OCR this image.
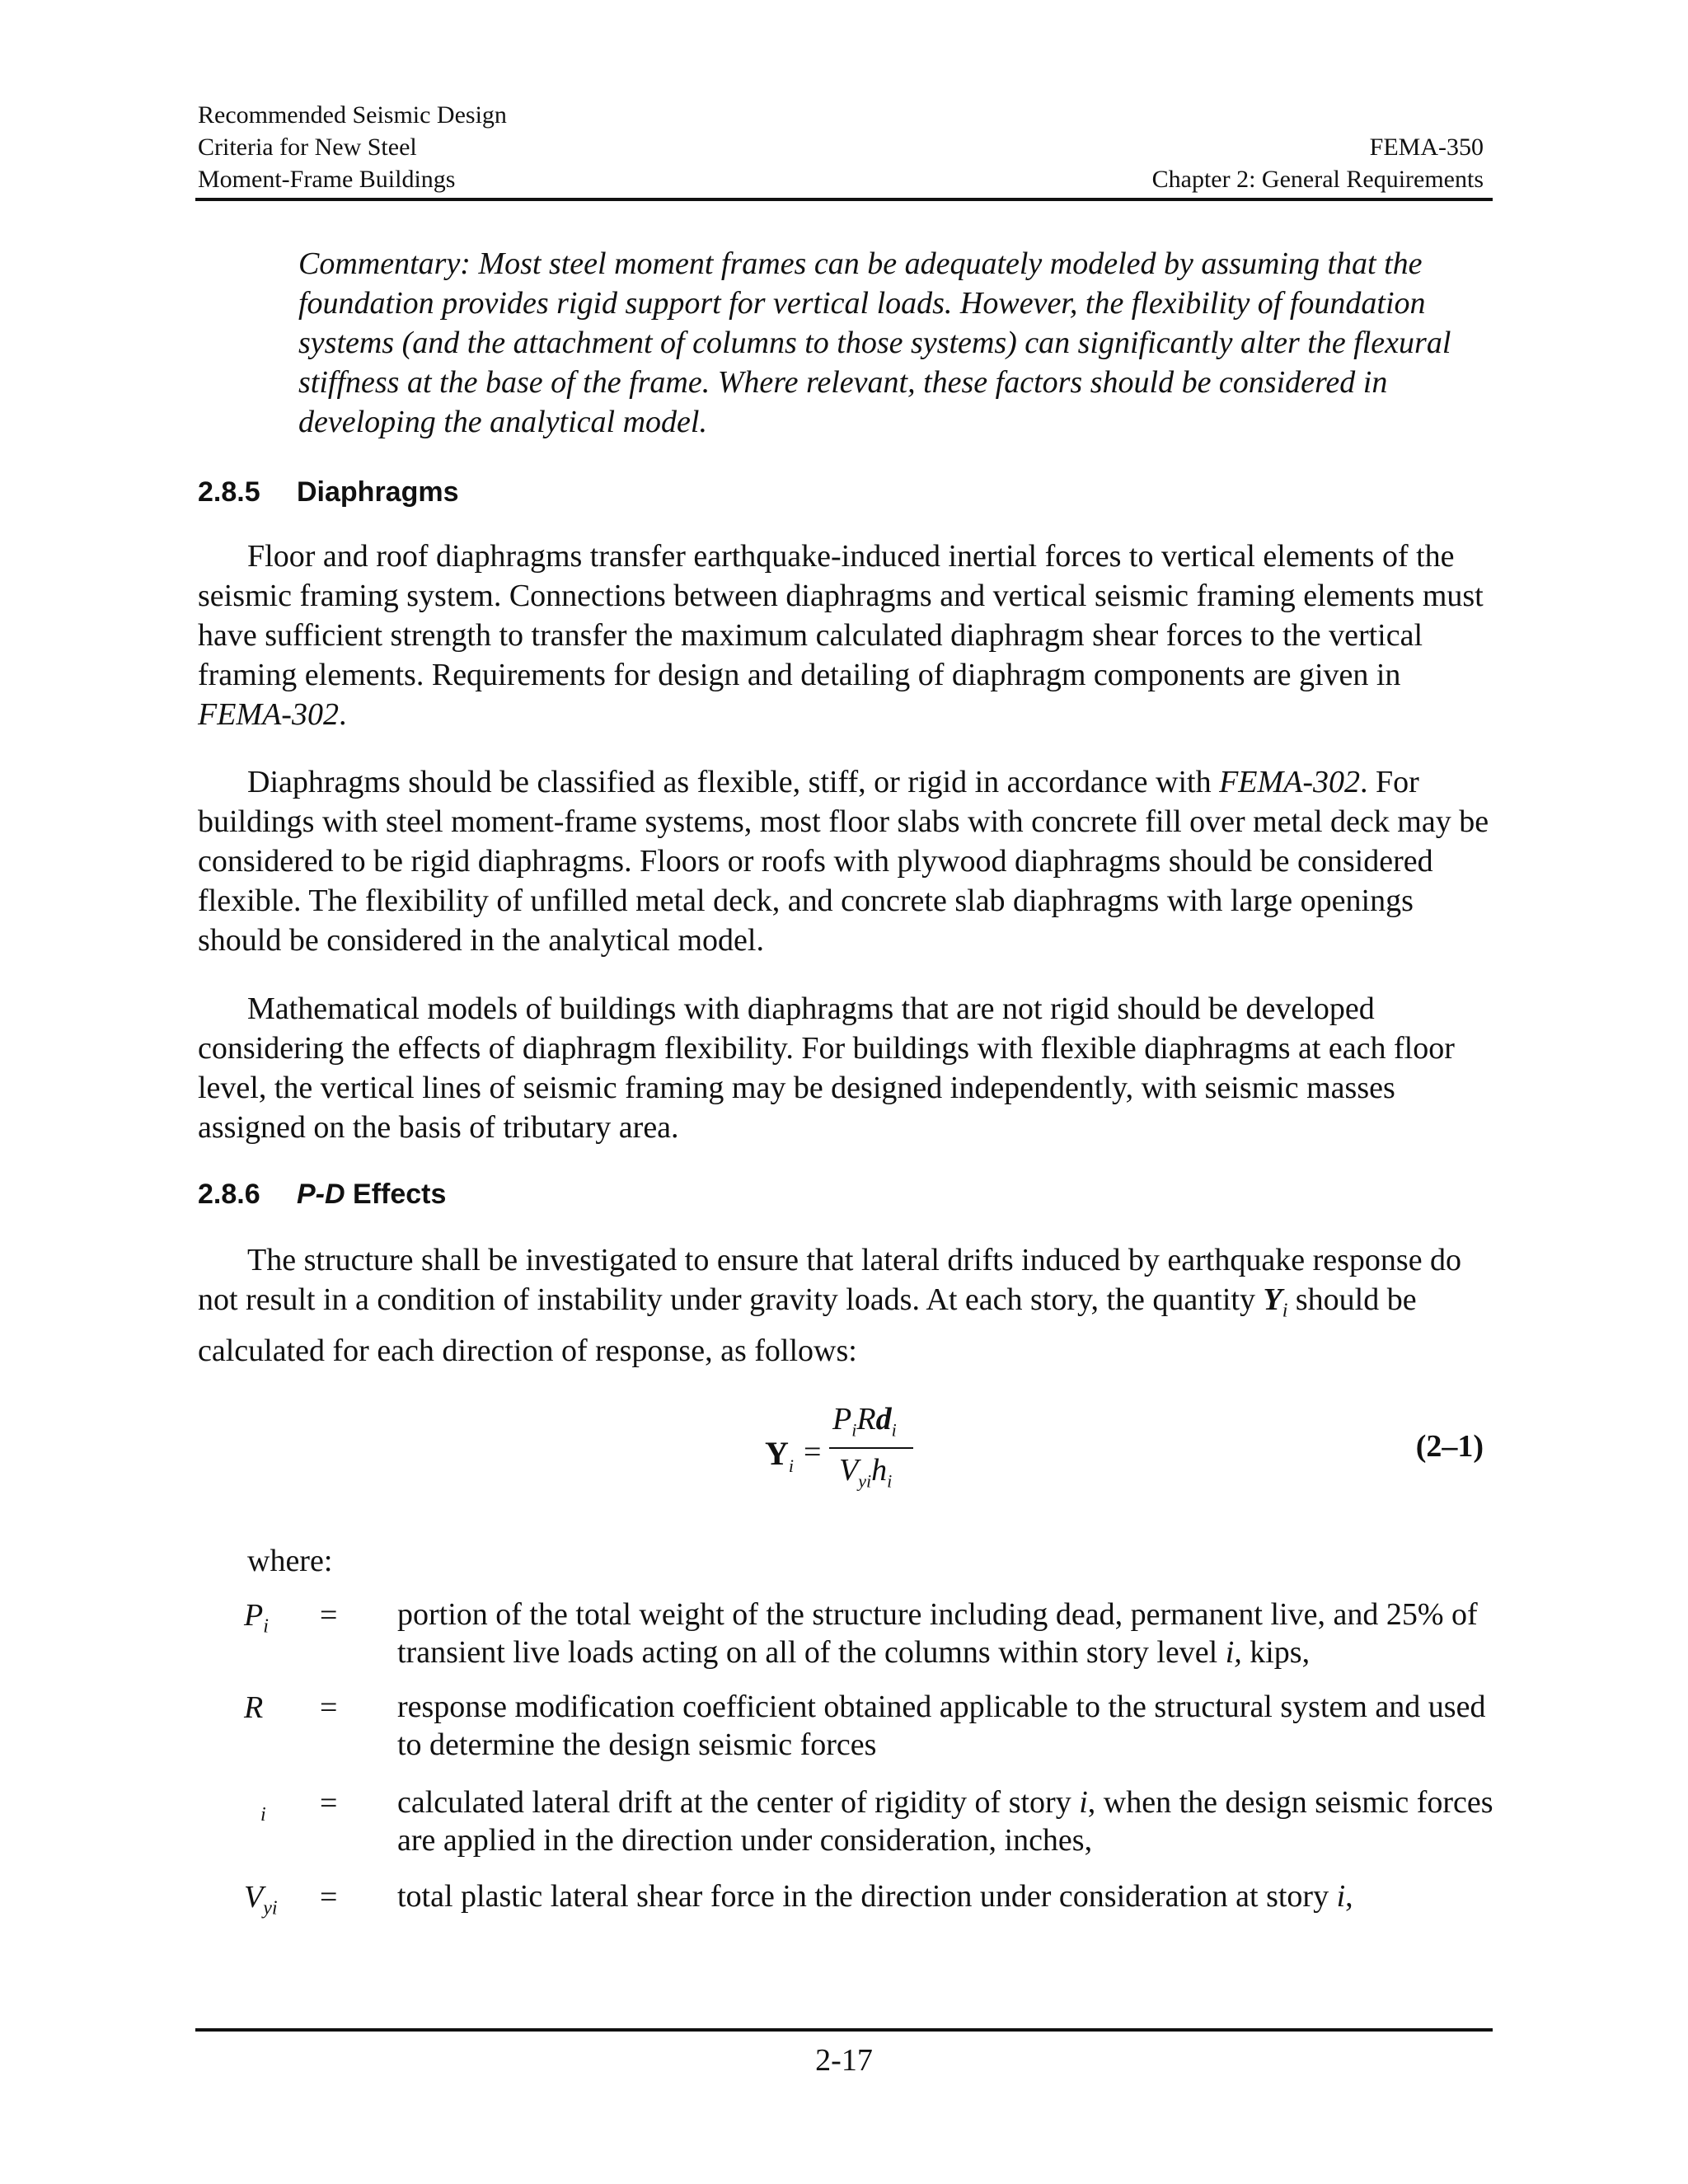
Recommended Seismic Design
Criteria for New Steel
Moment-Frame Buildings
FEMA-350
Chapter 2: General Requirements
Commentary: Most steel moment frames can be adequately modeled by assuming that the foundation provides rigid support for vertical loads. However, the flexibility of foundation systems (and the attachment of columns to those systems) can significantly alter the flexural stiffness at the base of the frame. Where relevant, these factors should be considered in developing the analytical model.
2.8.5 Diaphragms
Floor and roof diaphragms transfer earthquake-induced inertial forces to vertical elements of the seismic framing system. Connections between diaphragms and vertical seismic framing elements must have sufficient strength to transfer the maximum calculated diaphragm shear forces to the vertical framing elements. Requirements for design and detailing of diaphragm components are given in FEMA-302.
Diaphragms should be classified as flexible, stiff, or rigid in accordance with FEMA-302. For buildings with steel moment-frame systems, most floor slabs with concrete fill over metal deck may be considered to be rigid diaphragms. Floors or roofs with plywood diaphragms should be considered flexible. The flexibility of unfilled metal deck, and concrete slab diaphragms with large openings should be considered in the analytical model.
Mathematical models of buildings with diaphragms that are not rigid should be developed considering the effects of diaphragm flexibility. For buildings with flexible diaphragms at each floor level, the vertical lines of seismic framing may be designed independently, with seismic masses assigned on the basis of tributary area.
2.8.6 P-D Effects
The structure shall be investigated to ensure that lateral drifts induced by earthquake response do not result in a condition of instability under gravity loads. At each story, the quantity $Y_i$ should be calculated for each direction of response, as follows:
$Y_i$ =
$P_iRd_i$
$V_{yi}h_i$
(2–1)
where:
$P_i$ = portion of the total weight of the structure including dead, permanent live, and 25% of transient live loads acting on all of the columns within story level i, kips,
R = response modification coefficient obtained applicable to the structural system and used to determine the design seismic forces
$_i$ = calculated lateral drift at the center of rigidity of story i, when the design seismic forces are applied in the direction under consideration, inches,
$V_{yi}$ = total plastic lateral shear force in the direction under consideration at story i,
2-17
